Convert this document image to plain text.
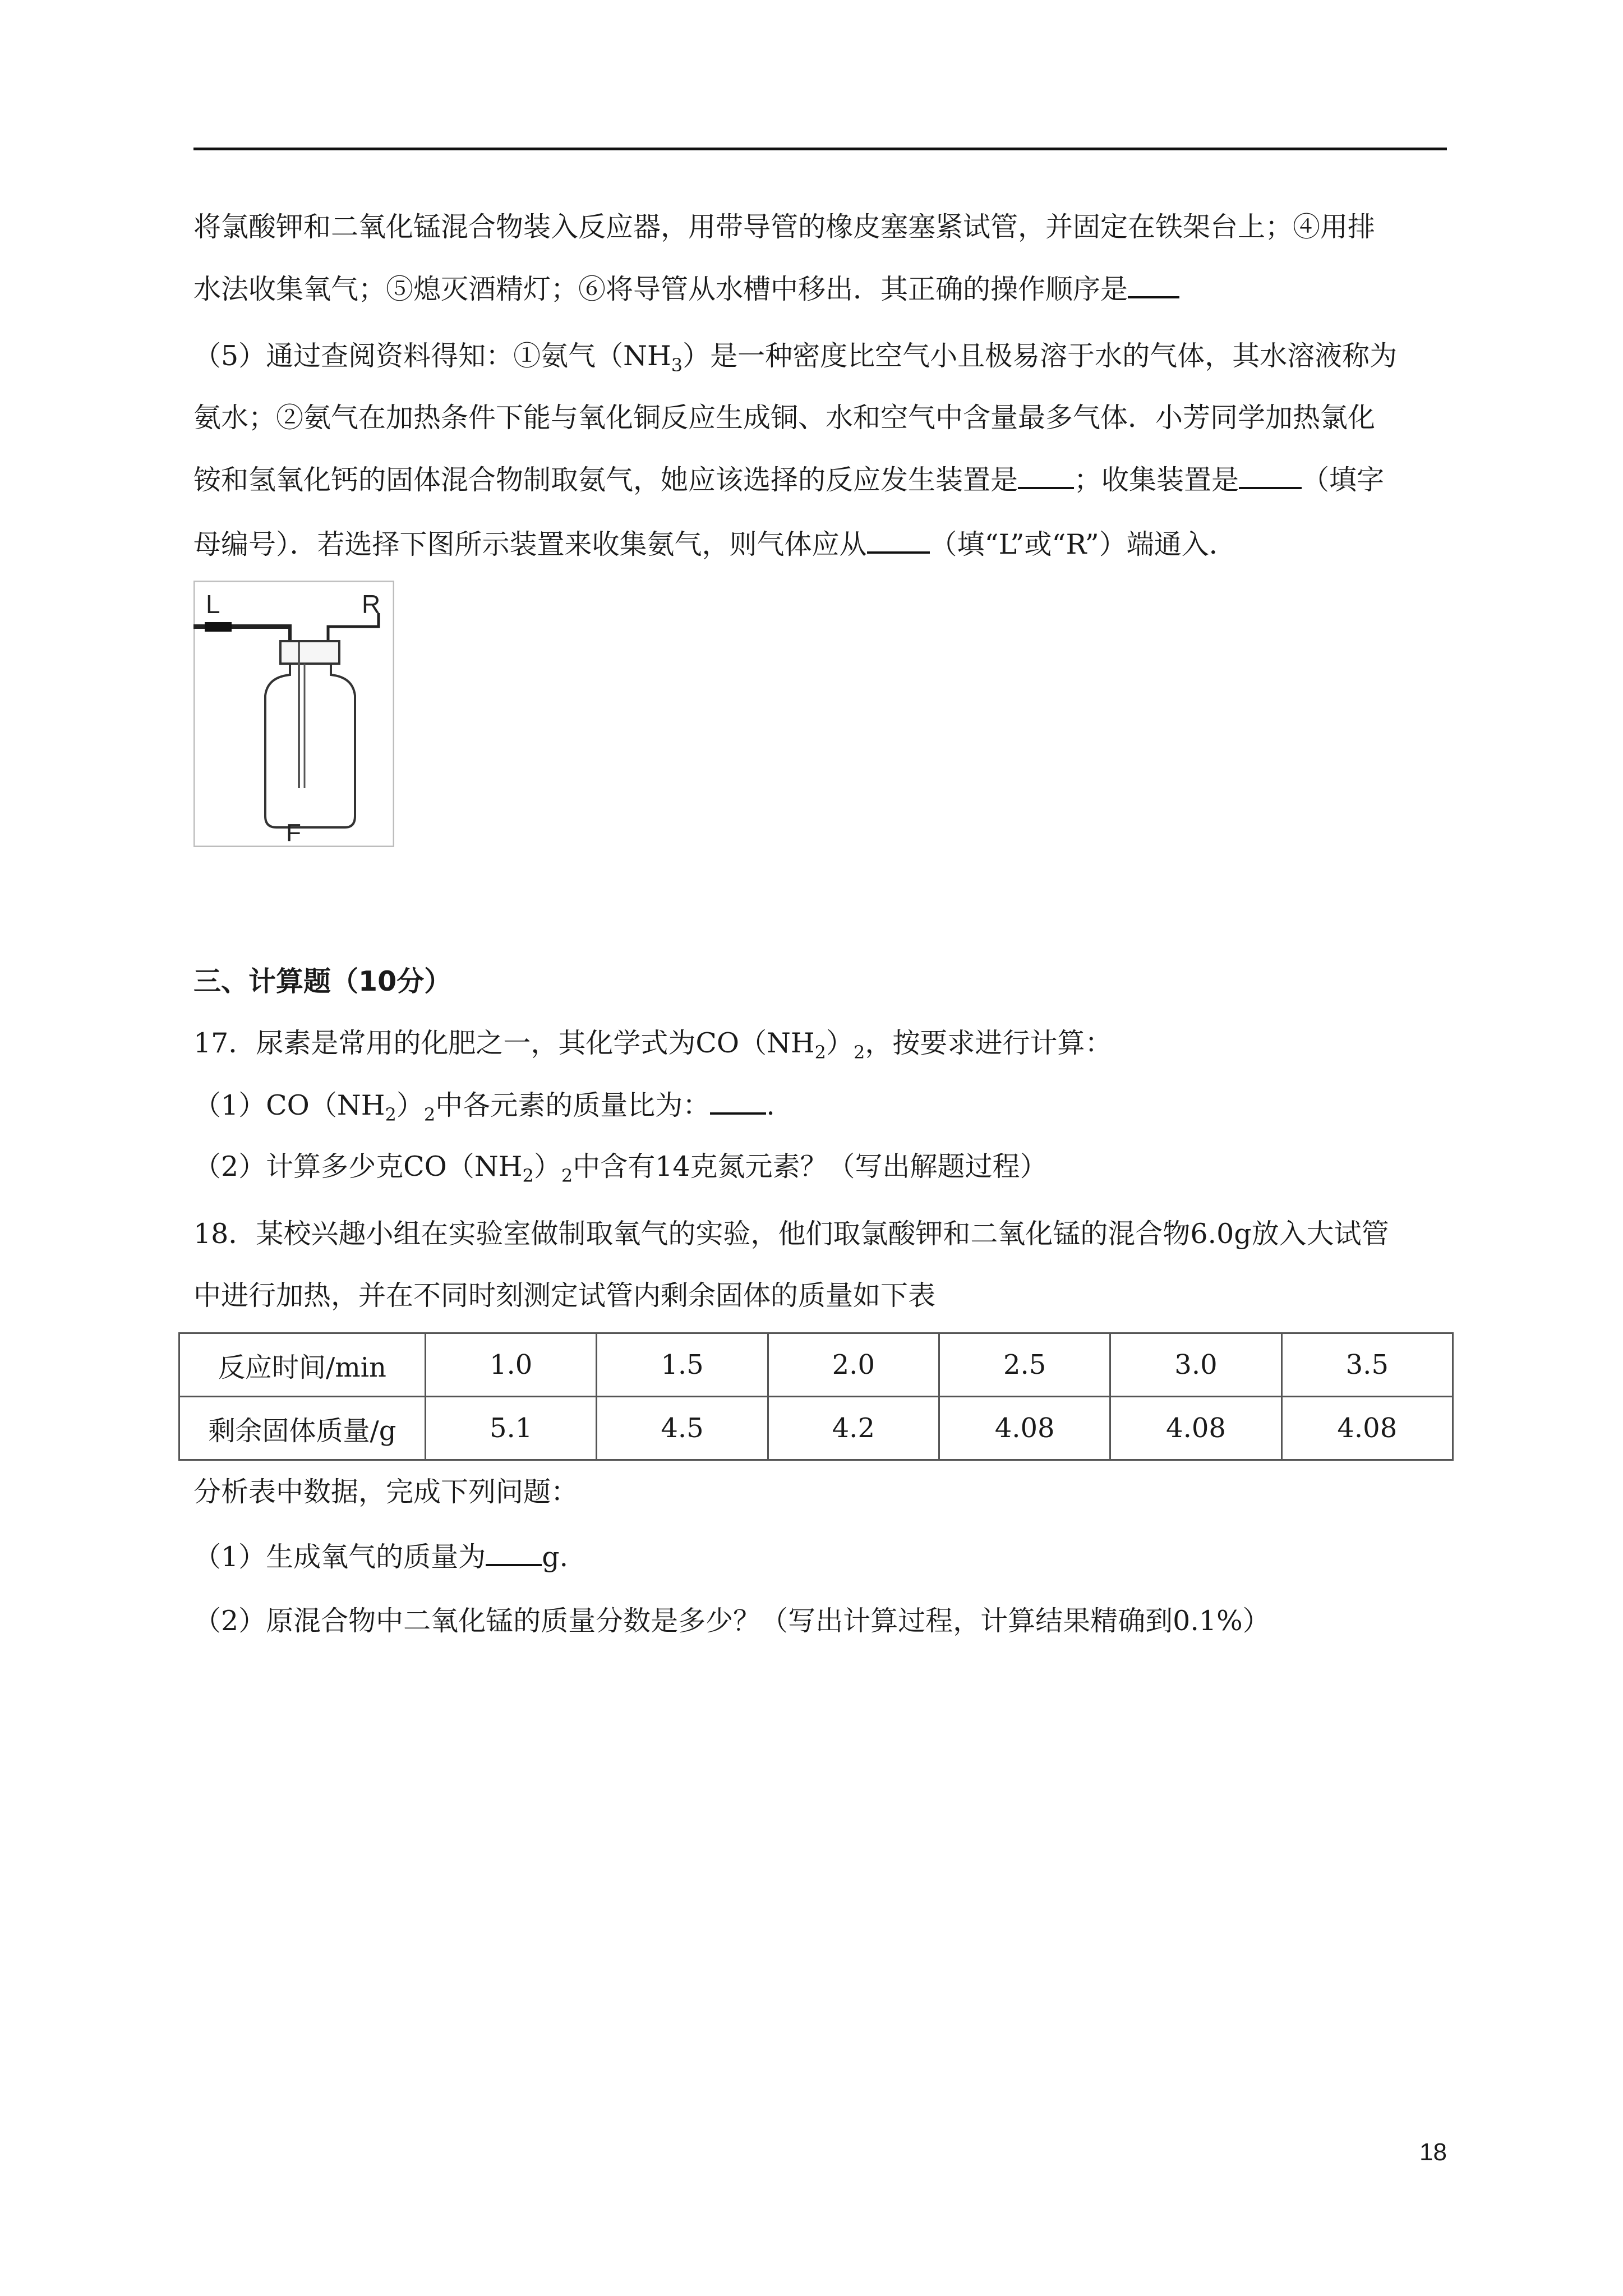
将氯酸钾和二氧化锰混合物装入反应器，用带导管的橡皮塞塞紧试管，并固定在铁架台上；④用排
水法收集氧气；⑤熄灭酒精灯；⑥将导管从水槽中移出．其正确的操作顺序是
（5）通过查阅资料得知：①氨气$(NH_3)$是一种密度比空气小且极易溶于水的气体，其水溶液称为
氨水；②氨气在加热条件下能与氧化铜反应生成铜、水和空气中含量最多气体．小芳同学加热氯化
铵和氢氧化钙的固体混合物制取氨气，她应该选择的反应发生装置是 ；收集装置是 （填字
母编号）．若选择下图所示装置来收集氨气，则气体应从 （填“L”或“R”）端通入．
L	R
F
三、计算题（10分）
17．尿素是常用的化肥之一，其化学式为$CO(NH_2)_2$，按要求进行计算：
$(1)CO(NH_2)_2$中各元素的质量比为： .
（2）计算多少克$CO(NH_2)_2$中含有14克氮元素？（写出解题过程）
18．某校兴趣小组在实验室做制取氧气的实验，他们取氯酸钾和二氧化锰的混合物6.0g放入大试管
中进行加热，并在不同时刻测定试管内剩余固体的质量如下表
反应时间/min	1.0	1.5	2.0	2.5	3.0	3.5
剩余固体质量/g	5.1	4.5	4.2	4.08	4.08	4.08
分析表中数据，完成下列问题：
（1）生成氧气的质量为 g.
（2）原混合物中二氧化锰的质量分数是多少？（写出计算过程，计算结果精确到0.1%）
18
